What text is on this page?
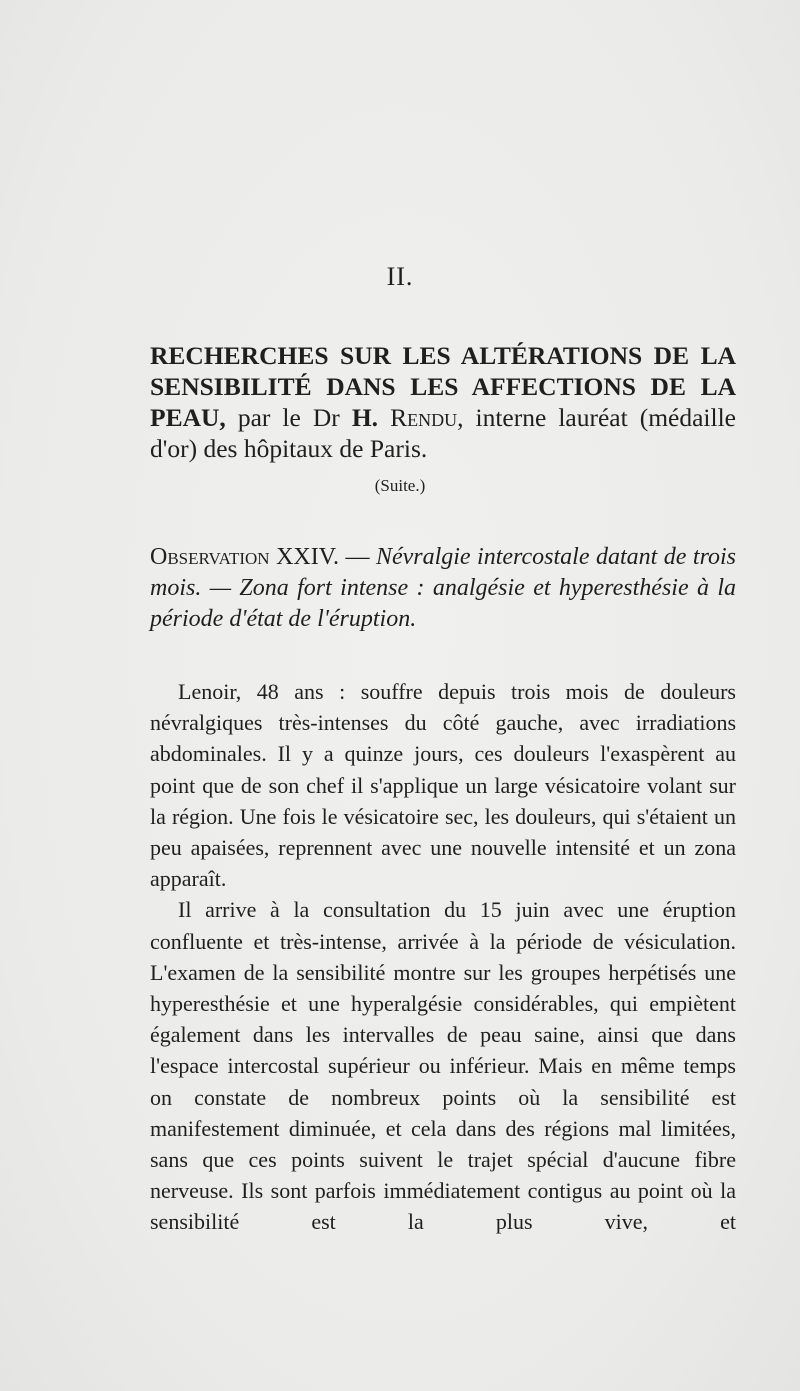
II.
RECHERCHES SUR LES ALTÉRATIONS DE LA SENSIBILITÉ DANS LES AFFECTIONS DE LA PEAU, par le Dr H. Rendu, interne lauréat (médaille d'or) des hôpitaux de Paris.
(Suite.)
Observation XXIV. — Névralgie intercostale datant de trois mois. — Zona fort intense : analgésie et hyperesthésie à la période d'état de l'éruption.

Lenoir, 48 ans : souffre depuis trois mois de douleurs névralgiques très-intenses du côté gauche, avec irradiations abdominales. Il y a quinze jours, ces douleurs l'exaspèrent au point que de son chef il s'applique un large vésicatoire volant sur la région. Une fois le vésicatoire sec, les douleurs, qui s'étaient un peu apaisées, reprennent avec une nouvelle intensité et un zona apparaît.

Il arrive à la consultation du 15 juin avec une éruption confluente et très-intense, arrivée à la période de vésiculation. L'examen de la sensibilité montre sur les groupes herpétisés une hyperesthésie et une hyperalgésie considérables, qui empiètent également dans les intervalles de peau saine, ainsi que dans l'espace intercostal supérieur ou inférieur. Mais en même temps on constate de nombreux points où la sensibilité est manifestement diminuée, et cela dans des régions mal limitées, sans que ces points suivent le trajet spécial d'aucune fibre nerveuse. Ils sont parfois immédiatement contigus au point où la sensibilité est la plus vive, et
